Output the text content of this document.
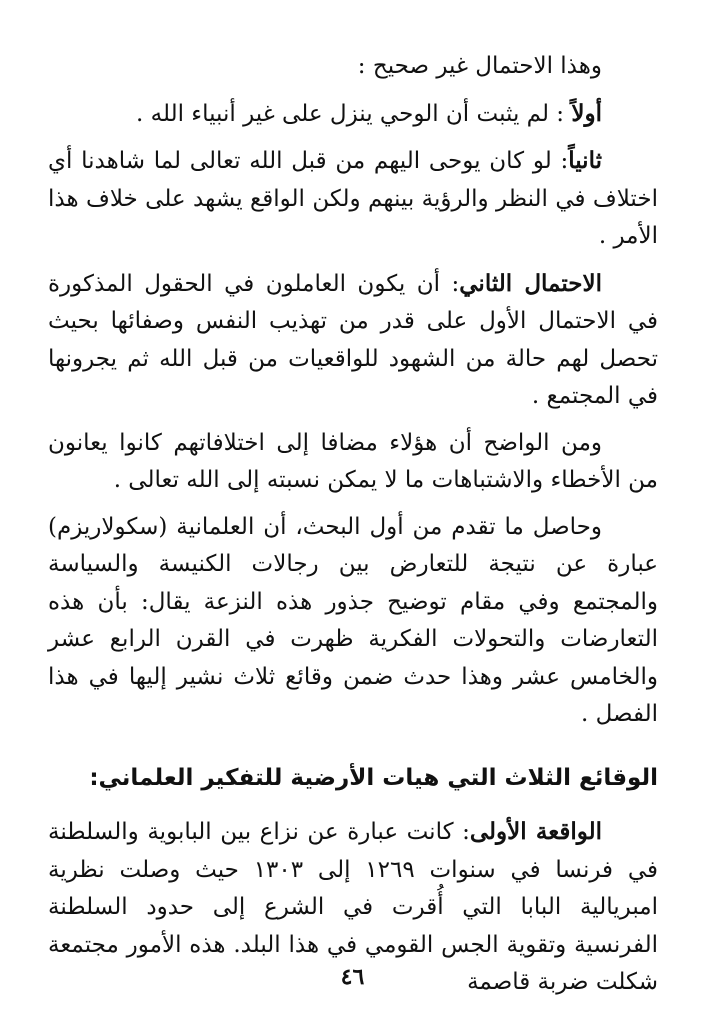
وهذا الاحتمال غير صحيح :

أولاً : لم يثبت أن الوحي ينزل على غير أنبياء الله .

ثانياً: لو كان يوحى اليهم من قبل الله تعالى لما شاهدنا أي اختلاف في النظر والرؤية بينهم ولكن الواقع يشهد على خلاف هذا الأمر .

الاحتمال الثاني: أن يكون العاملون في الحقول المذكورة في الاحتمال الأول على قدر من تهذيب النفس وصفائها بحيث تحصل لهم حالة من الشهود للواقعيات من قبل الله ثم يجرونها في المجتمع .

ومن الواضح أن هؤلاء مضافا إلى اختلافاتهم كانوا يعانون من الأخطاء والاشتباهات ما لا يمكن نسبته إلى الله تعالى .

وحاصل ما تقدم من أول البحث، أن العلمانية (سكولاريزم) عبارة عن نتيجة للتعارض بين رجالات الكنيسة والسياسة والمجتمع وفي مقام توضيح جذور هذه النزعة يقال: بأن هذه التعارضات والتحولات الفكرية ظهرت في القرن الرابع عشر والخامس عشر وهذا حدث ضمن وقائع ثلاث نشير إليها في هذا الفصل .

الوقائع الثلاث التي هيات الأرضية للتفكير العلماني:

الواقعة الأولى: كانت عبارة عن نزاع بين البابوية والسلطنة في فرنسا في سنوات ١٢٦٩ إلى ١٣٠٣ حيث وصلت نظرية امبريالية البابا التي أُقرت في الشرع إلى حدود السلطنة الفرنسية وتقوية الجس القومي في هذا البلد. هذه الأمور مجتمعة شكلت ضربة قاصمة

٤٦
